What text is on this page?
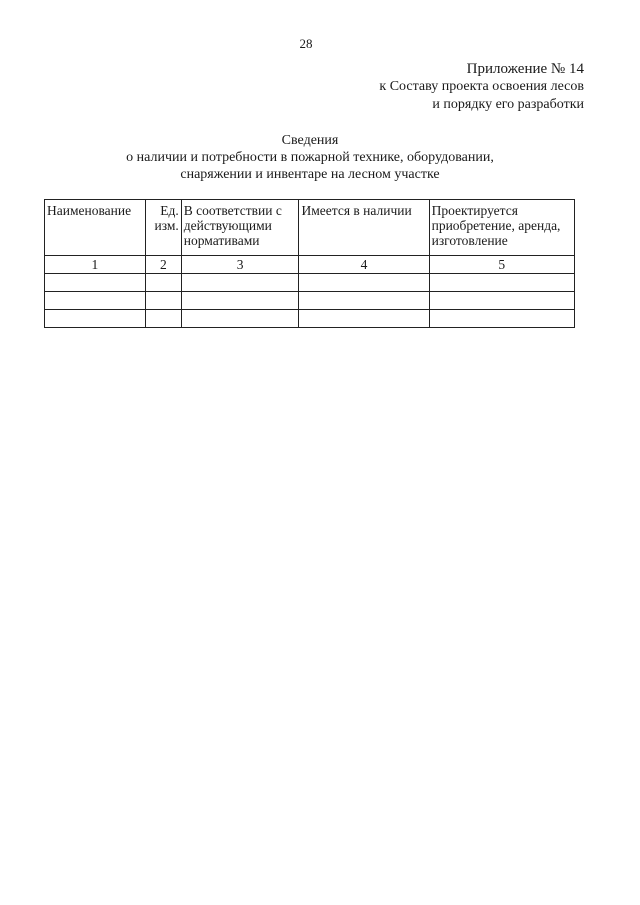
28
Приложение № 14
к Составу проекта освоения лесов
и порядку его разработки
Сведения
о наличии и потребности в пожарной технике, оборудовании,
снаряжении и инвентаре на лесном участке
Наименование	Ед. изм.	В соответствии с действующими нормативами	Имеется в наличии	Проектируется приобретение, аренда, изготовление
1	2	3	4	5
